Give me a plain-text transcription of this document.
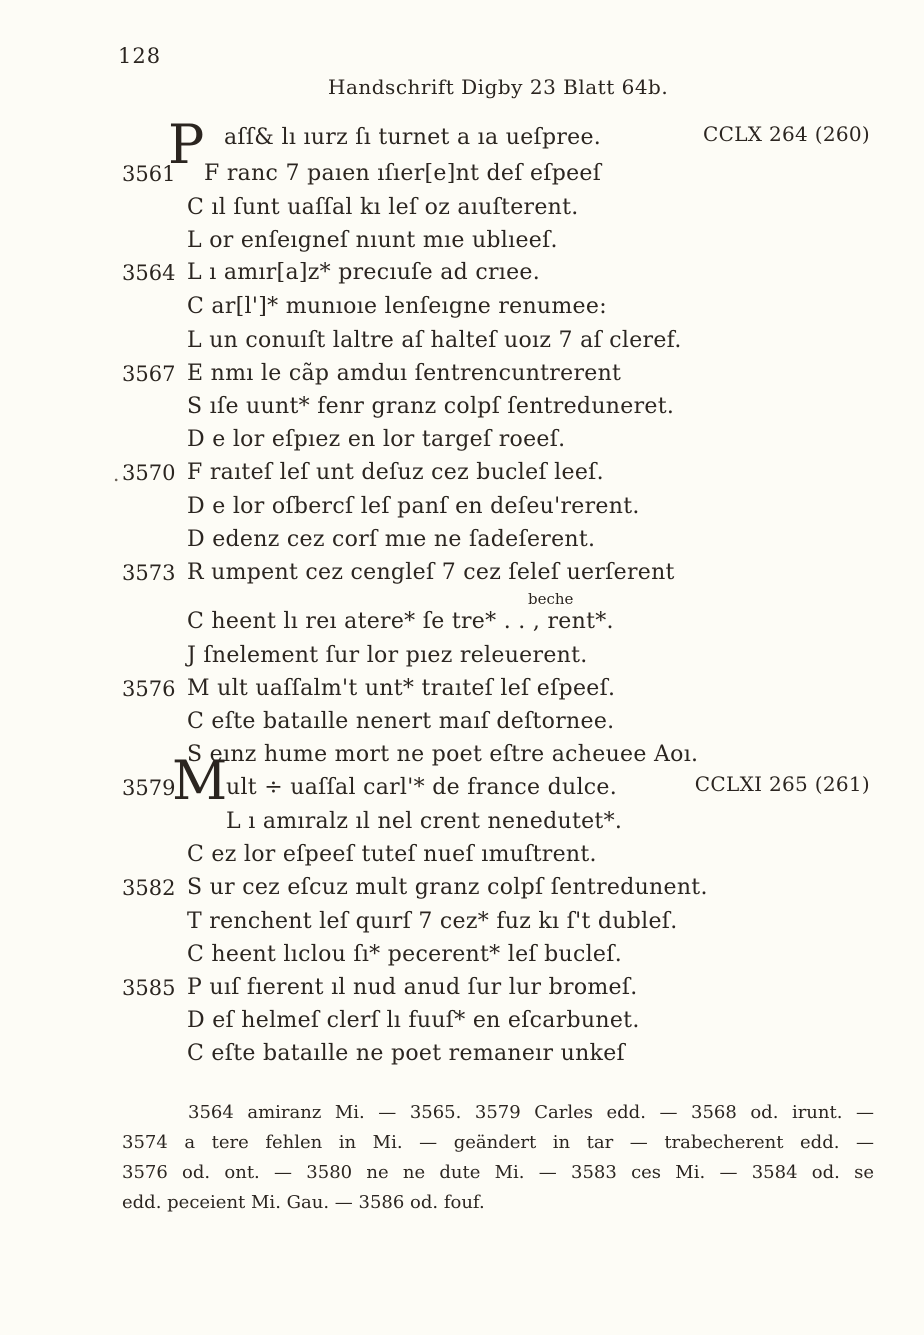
128
Handschrift Digby 23 Blatt 64b.
P
M
beche
.
aſſ& lı ıurz ſı turnet a ıa ueſpree.	CCLX 264 (260)
3561 F ranc 7 paıen ıſıer[e]nt deſ eſpeeſ
C ıl ſunt uaſſal kı leſ oz aıuſterent.
L or enſeıgneſ nıunt mıe ublıeeſ.
3564 L ı amır[a]z* precıuſe ad crıee.
C ar[l']* munıoıe lenſeıgne renumee:
L un conuıſt laltre aſ halteſ uoız 7 aſ cleref.
3567 E nmı le cãp amduı ſentrencuntrerent
S ıſe uunt* fenr granz colpſ ſentreduneret.
D e lor eſpıez en lor targeſ roeeſ.
3570 F raıteſ leſ unt deſuz cez bucleſ leeſ.
D e lor oſbercſ leſ panſ en deſeu'rerent.
D edenz cez corſ mıe ne ſadeſerent.
3573 R umpent cez cengleſ 7 cez ſeleſ uerſerent
C heent lı reı atere* ſe tre* . . , rent*.
J ſnelement ſur lor pıez releuerent.
3576 M ult uaſſalm't unt* traıteſ leſ eſpeeſ.
C eſte bataılle nenert maıſ deſtornee.
S eınz hume mort ne poet eſtre acheuee Aoı.
3579 ult ÷ uaſſal carl'* de france dulce.	CCLXI 265 (261)
L ı amıralz ıl nel crent nenedutet*.
C ez lor eſpeeſ tuteſ nueſ ımuſtrent.
3582 S ur cez eſcuz mult granz colpſ ſentredunent.
T renchent leſ quırſ 7 cez* fuz kı ſ't dubleſ.
C heent lıclou ſı* pecerent* leſ bucleſ.
3585 P uıſ fıerent ıl nud anud ſur lur bromeſ.
D eſ helmeſ clerſ lı fuuſ* en eſcarbunet.
C eſte bataılle ne poet remaneır unkeſ

3564 amiranz Mi. — 3565. 3579 Carles edd. — 3568 od. irunt. —

3574 a tere fehlen in Mi. — geändert in tar — trabecherent edd. —

3576 od. ont. — 3580 ne ne dute Mi. — 3583 ces Mi. — 3584 od. se

edd. peceient Mi. Gau. — 3586 od. fouf.
